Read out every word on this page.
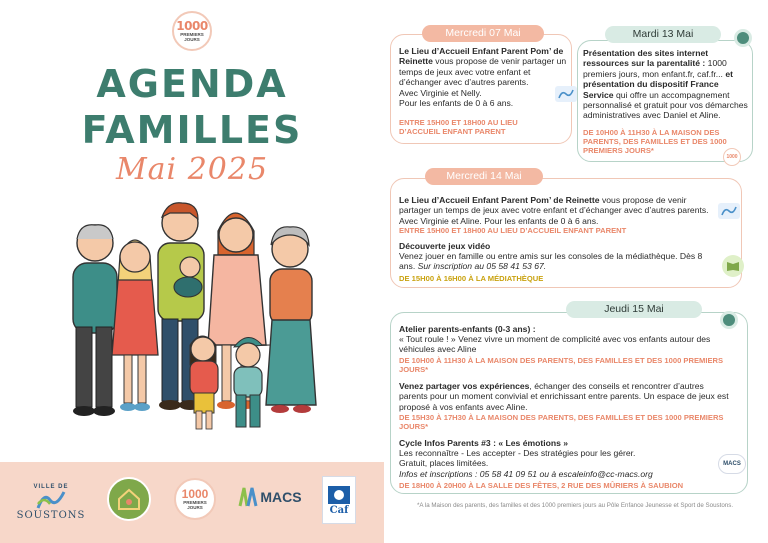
1000
PREMIERS JOURS
AGENDA
FAMILLES
Mai 2025
VILLE DE
SOUSTONS
1000
PREMIERS JOURS
MACS
Caf
Mercredi 07 Mai
Le Lieu d’Accueil Enfant Parent Pom’ de Reinette vous propose de venir partager un temps de jeux avec votre enfant et d’échanger avec d’autres parents.
Avec Virginie et Nelly.
Pour les enfants de 0 à 6 ans.
ENTRE 15H00 ET 18H00 AU LIEU D’ACCUEIL ENFANT PARENT
Mardi 13 Mai
Présentation des sites internet ressources sur la parentalité : 1000 premiers jours, mon enfant.fr, caf.fr... et présentation du dispositif France Service qui offre un accompagnement personnalisé et gratuit pour vos démarches administratives avec Daniel et Aline.
DE 10H00 À 11H30 À LA MAISON DES PARENTS, DES FAMILLES ET DES 1000 PREMIERS JOURS*
1000
Mercredi 14 Mai
Le Lieu d’Accueil Enfant Parent Pom’ de Reinette vous propose de venir partager un temps de jeux avec votre enfant et d’échanger avec d’autres parents. Avec Virginie et Aline. Pour les enfants de 0 à 6 ans.
ENTRE 15H00 ET 18H00 AU LIEU D’ACCUEIL ENFANT PARENT
Découverte jeux vidéo
Venez jouer en famille ou entre amis sur les consoles de la médiathèque. Dès 8 ans. Sur inscription au 05 58 41 53 67.
DE 15H00 À 16H00 À LA MÉDIATHÈQUE
Jeudi 15 Mai
Atelier parents-enfants (0-3 ans) :
« Tout roule ! » Venez vivre un moment de complicité avec vos enfants autour des véhicules avec Aline
DE 10H00 À 11H30 À LA MAISON DES PARENTS, DES FAMILLES ET DES 1000 PREMIERS JOURS*
Venez partager vos expériences, échanger des conseils et rencontrer d’autres parents pour un moment convivial et enrichissant entre parents. Un espace de jeux est proposé à vos enfants avec Aline.
DE 15H30 À 17H30 À LA MAISON DES PARENTS, DES FAMILLES ET DES 1000 PREMIERS JOURS*
Cycle Infos Parents #3 : « Les émotions »
Les reconnaître - Les accepter - Des stratégies pour les gérer.
Gratuit, places limitées.
Infos et inscriptions : 05 58 41 09 51 ou à escaleinfo@cc-macs.org
DE 18H00 À 20H00 À LA SALLE DES FÊTES, 2 RUE DES MÛRIERS À SAUBION
MACS
*A la Maison des parents, des familles et des 1000 premiers jours au Pôle Enfance Jeunesse et Sport de Soustons.
